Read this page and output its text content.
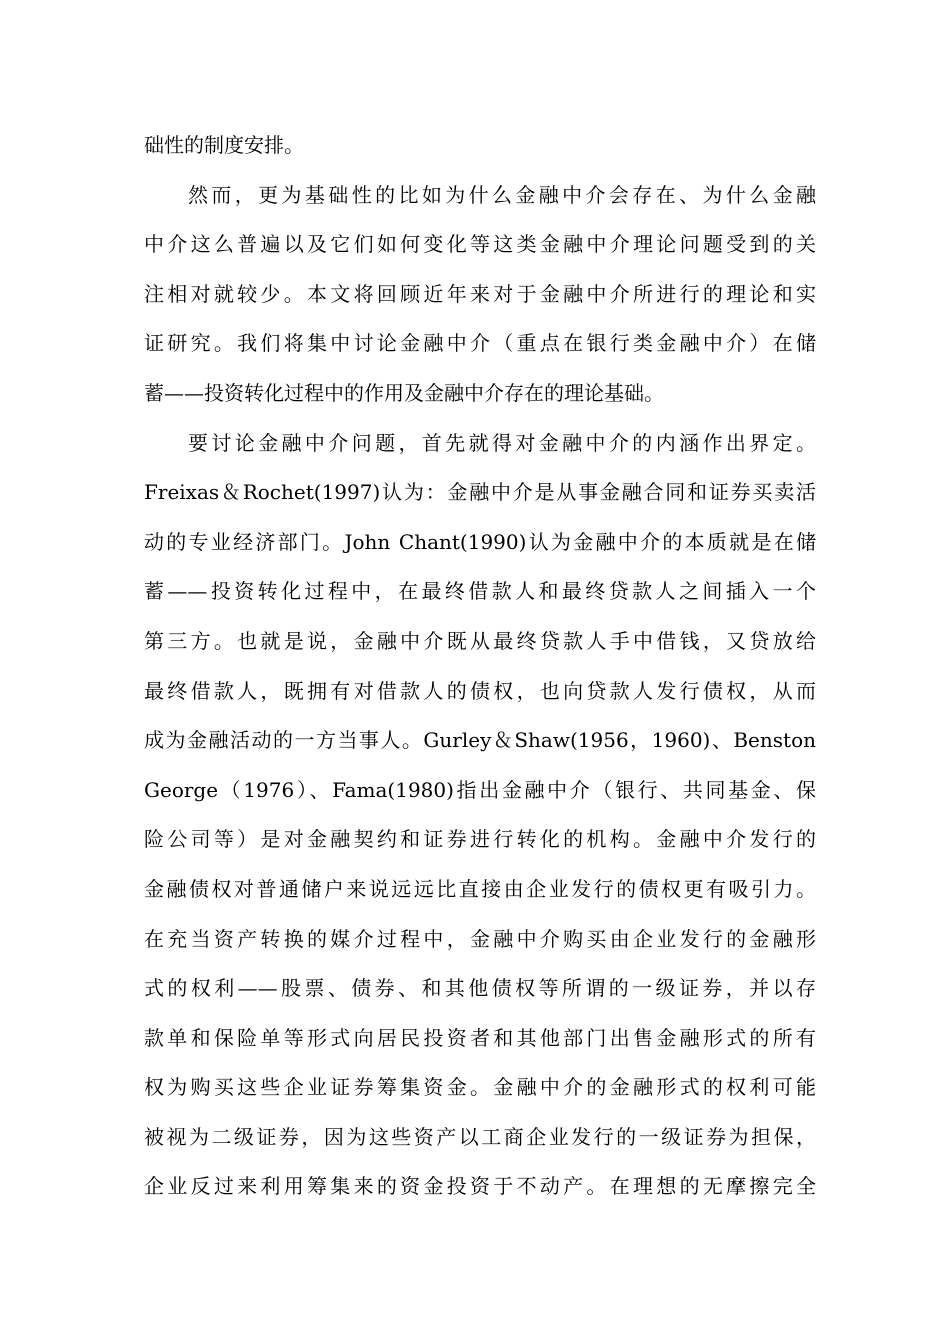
础性的制度安排。
然而，更为基础性的比如为什么金融中介会存在、为什么金融
中介这么普遍以及它们如何变化等这类金融中介理论问题受到的关
注相对就较少。本文将回顾近年来对于金融中介所进行的理论和实
证研究。我们将集中讨论金融中介（重点在银行类金融中介）在储
蓄——投资转化过程中的作用及金融中介存在的理论基础。
要讨论金融中介问题，首先就得对金融中介的内涵作出界定。
Freixas＆Rochet(1997)认为：金融中介是从事金融合同和证券买卖活
动的专业经济部门。John Chant(1990)认为金融中介的本质就是在储
蓄——投资转化过程中，在最终借款人和最终贷款人之间插入一个
第三方。也就是说，金融中介既从最终贷款人手中借钱，又贷放给
最终借款人，既拥有对借款人的债权，也向贷款人发行债权，从而
成为金融活动的一方当事人。Gurley＆Shaw(1956，1960)、Benston
George（1976）、Fama(1980)指出金融中介（银行、共同基金、保
险公司等）是对金融契约和证券进行转化的机构。金融中介发行的
金融债权对普通储户来说远远比直接由企业发行的债权更有吸引力。
在充当资产转换的媒介过程中，金融中介购买由企业发行的金融形
式的权利——股票、债券、和其他债权等所谓的一级证券，并以存
款单和保险单等形式向居民投资者和其他部门出售金融形式的所有
权为购买这些企业证券筹集资金。金融中介的金融形式的权利可能
被视为二级证券，因为这些资产以工商企业发行的一级证券为担保，
企业反过来利用筹集来的资金投资于不动产。在理想的无摩擦完全
